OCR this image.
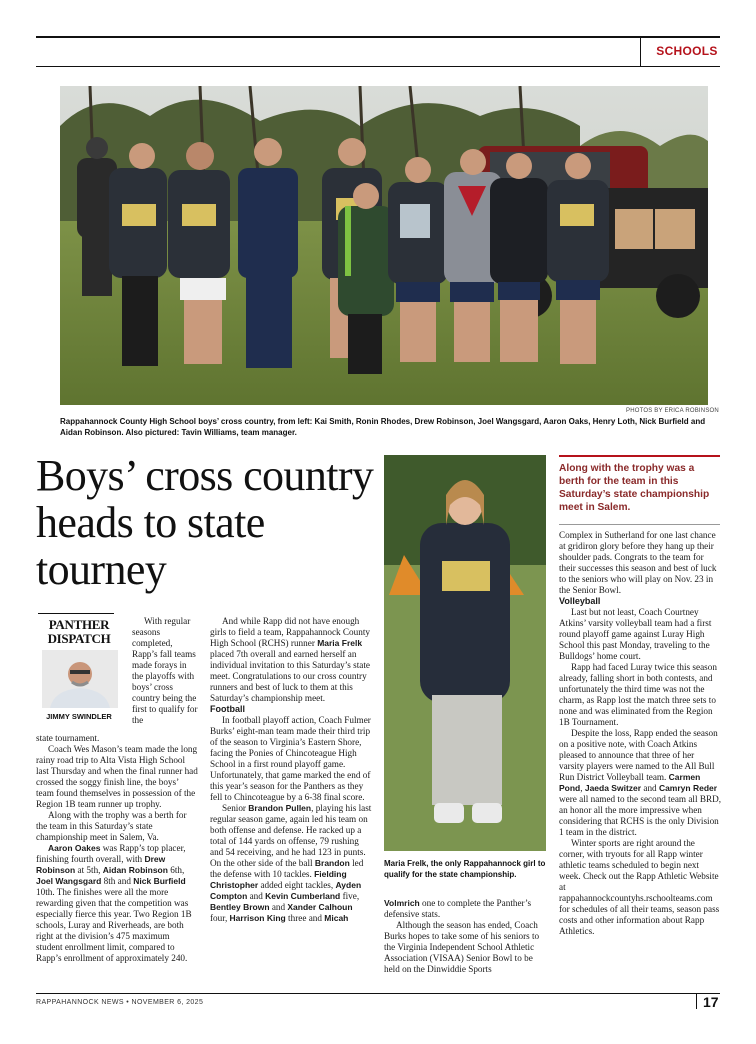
SCHOOLS
PHOTOS BY ERICA ROBINSON
Rappahannock County High School boys’ cross country, from left: Kai Smith, Ronin Rhodes, Drew Robinson, Joel Wangsgard, Aaron Oaks, Henry Loth, Nick Burfield and Aidan Robinson. Also pictured: Tavin Williams, team manager.
Boys’ cross country heads to state tourney
PANTHER
DISPATCH
JIMMY SWINDLER

With regular seasons completed, Rapp’s fall teams made forays in the playoffs with boys’ cross country being the first to qualify for the

state tournament.

Coach Wes Mason’s team made the long rainy road trip to Alta Vista High School last Thursday and when the final runner had crossed the soggy finish line, the boys’ team found themselves in possession of the Region 1B team runner up trophy.

Along with the trophy was a berth for the team in this Saturday’s state championship meet in Salem, Va.

Aaron Oakes was Rapp’s top placer, finishing fourth overall, with Drew Robinson at 5th, Aidan Robinson 6th, Joel Wangsgard 8th and Nick Burfield 10th. The finishes were all the more rewarding given that the competition was especially fierce this year. Two Region 1B schools, Luray and Riverheads, are both right at the division’s 475 maximum student enrollment limit, compared to Rapp’s enrollment of approximately 240.

And while Rapp did not have enough girls to field a team, Rappahannock County High School (RCHS) runner Maria Frelk placed 7th overall and earned herself an individual invitation to this Saturday’s state meet. Congratulations to our cross country runners and best of luck to them at this Saturday’s championship meet.

Football

In football playoff action, Coach Fulmer Burks’ eight-man team made their third trip of the season to Virginia’s Eastern Shore, facing the Ponies of Chincoteague High School in a first round playoff game. Unfortunately, that game marked the end of this year’s season for the Panthers as they fell to Chincoteague by a 6-38 final score.

Senior Brandon Pullen, playing his last regular season game, again led his team on both offense and defense. He racked up a total of 144 yards on offense, 79 rushing and 54 receiving, and he had 123 in punts. On the other side of the ball Brandon led the defense with 10 tackles. Fielding Christopher added eight tackles, Ayden Compton and Kevin Cumberland five, Bentley Brown and Xander Calhoun four, Harrison King three and Micah

Maria Frelk, the only Rappahannock girl to qualify for the state championship.

Volmrich one to complete the Panther’s defensive stats.

Although the season has ended, Coach Burks hopes to take some of his seniors to the Virginia Independent School Athletic Association (VISAA) Senior Bowl to be held on the Dinwiddie Sports

Along with the trophy was a berth for the team in this Saturday’s state championship meet in Salem.

Complex in Sutherland for one last chance at gridiron glory before they hang up their shoulder pads. Congrats to the team for their successes this season and best of luck to the seniors who will play on Nov. 23 in the Senior Bowl.

Volleyball

Last but not least, Coach Courtney Atkins’ varsity volleyball team had a first round playoff game against Luray High School this past Monday, traveling to the Bulldogs’ home court.

Rapp had faced Luray twice this season already, falling short in both contests, and unfortunately the third time was not the charm, as Rapp lost the match three sets to none and was eliminated from the Region 1B Tournament.

Despite the loss, Rapp ended the season on a positive note, with Coach Atkins pleased to announce that three of her varsity players were named to the All Bull Run District Volleyball team. Carmen Pond, Jaeda Switzer and Camryn Reder were all named to the second team all BRD, an honor all the more impressive when considering that RCHS is the only Division 1 team in the district.

Winter sports are right around the corner, with tryouts for all Rapp winter athletic teams scheduled to begin next week. Check out the Rapp Athletic Website at rappahannockcountyhs.rschoolteams.com for schedules of all their teams, season pass costs and other information about Rapp Athletics.

RAPPAHANNOCK NEWS • NOVEMBER 6, 2025	17
